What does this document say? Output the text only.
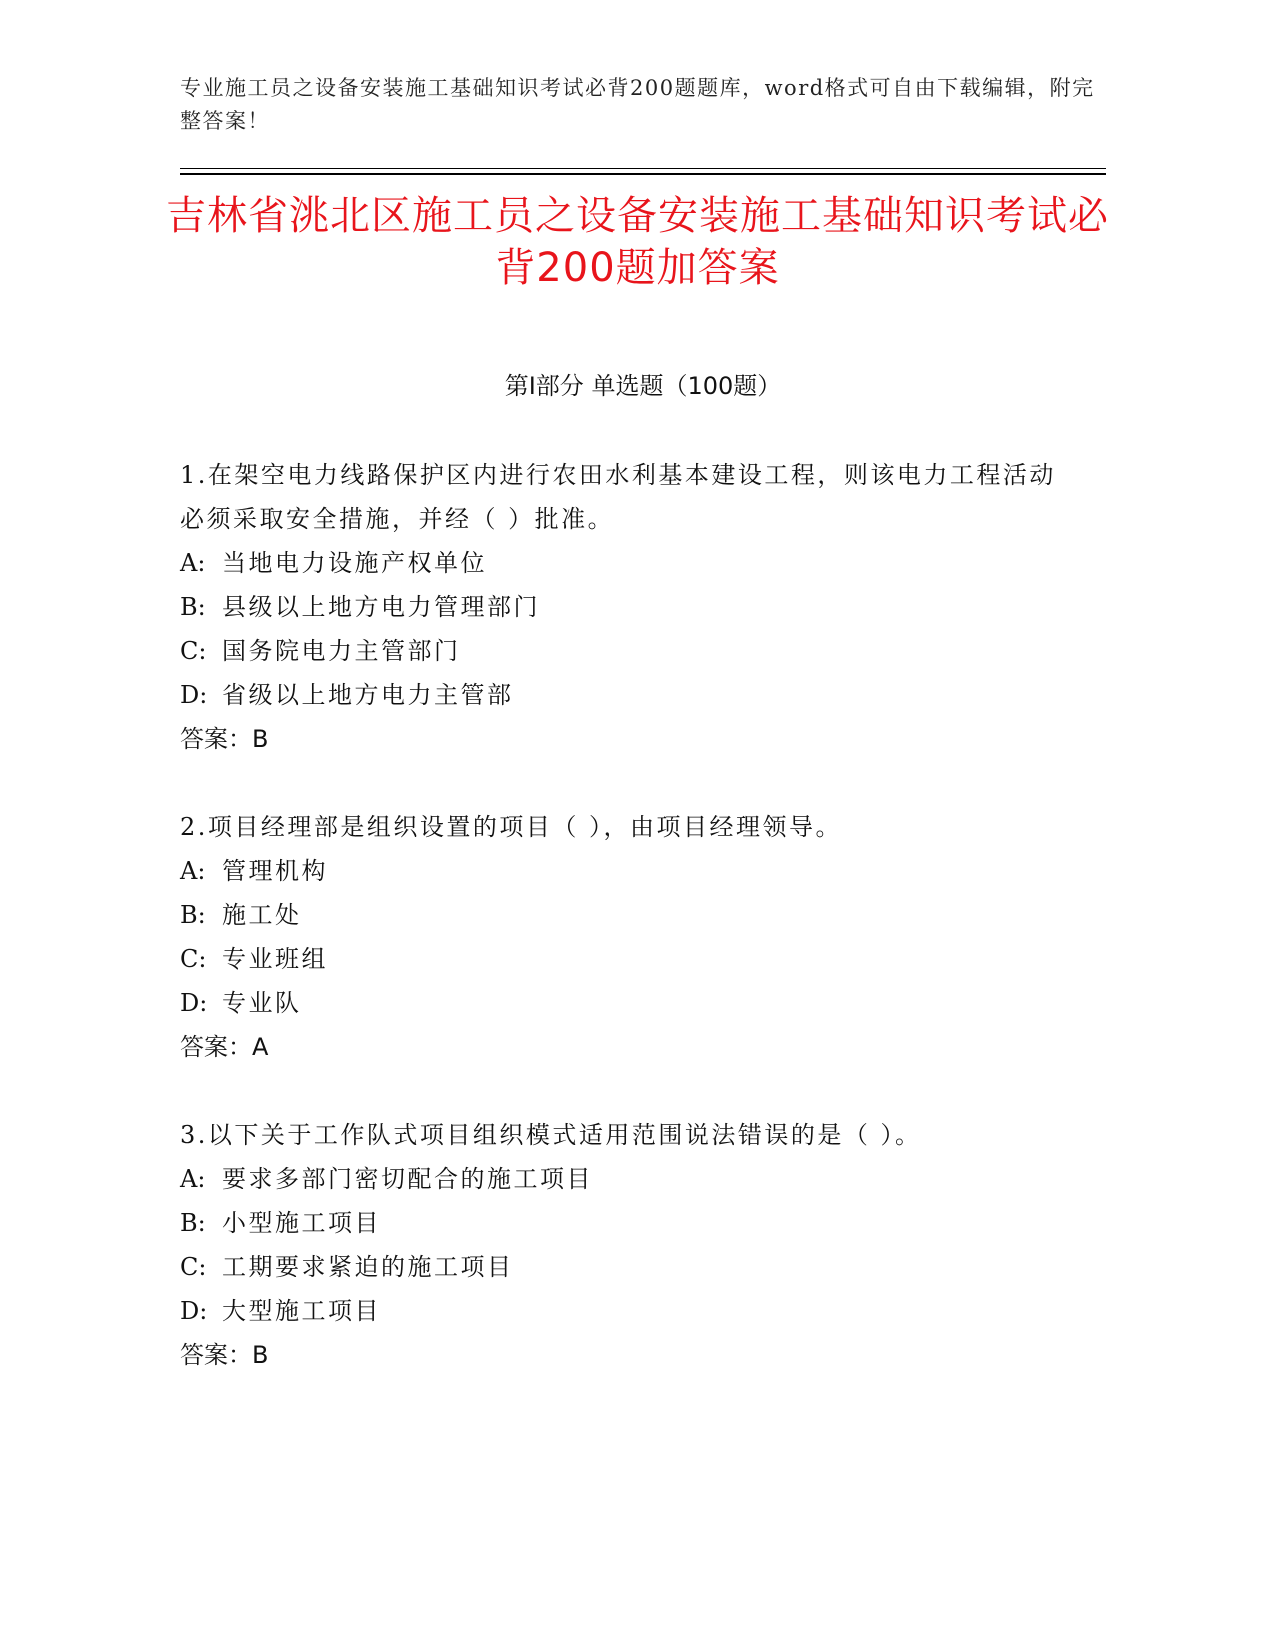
专业施工员之设备安装施工基础知识考试必背200题题库，word格式可自由下载编辑，附完整答案！
吉林省洮北区施工员之设备安装施工基础知识考试必背200题加答案
第Ⅰ部分 单选题（100题）

1.在架空电力线路保护区内进行农田水利基本建设工程，则该电力工程活动必须采取安全措施，并经（ ）批准。

A: 当地电力设施产权单位

B: 县级以上地方电力管理部门

C: 国务院电力主管部门

D: 省级以上地方电力主管部

答案：B

2.项目经理部是组织设置的项目（ ），由项目经理领导。

A: 管理机构

B: 施工处

C: 专业班组

D: 专业队

答案：A

3.以下关于工作队式项目组织模式适用范围说法错误的是（ ）。

A: 要求多部门密切配合的施工项目

B: 小型施工项目

C: 工期要求紧迫的施工项目

D: 大型施工项目

答案：B
